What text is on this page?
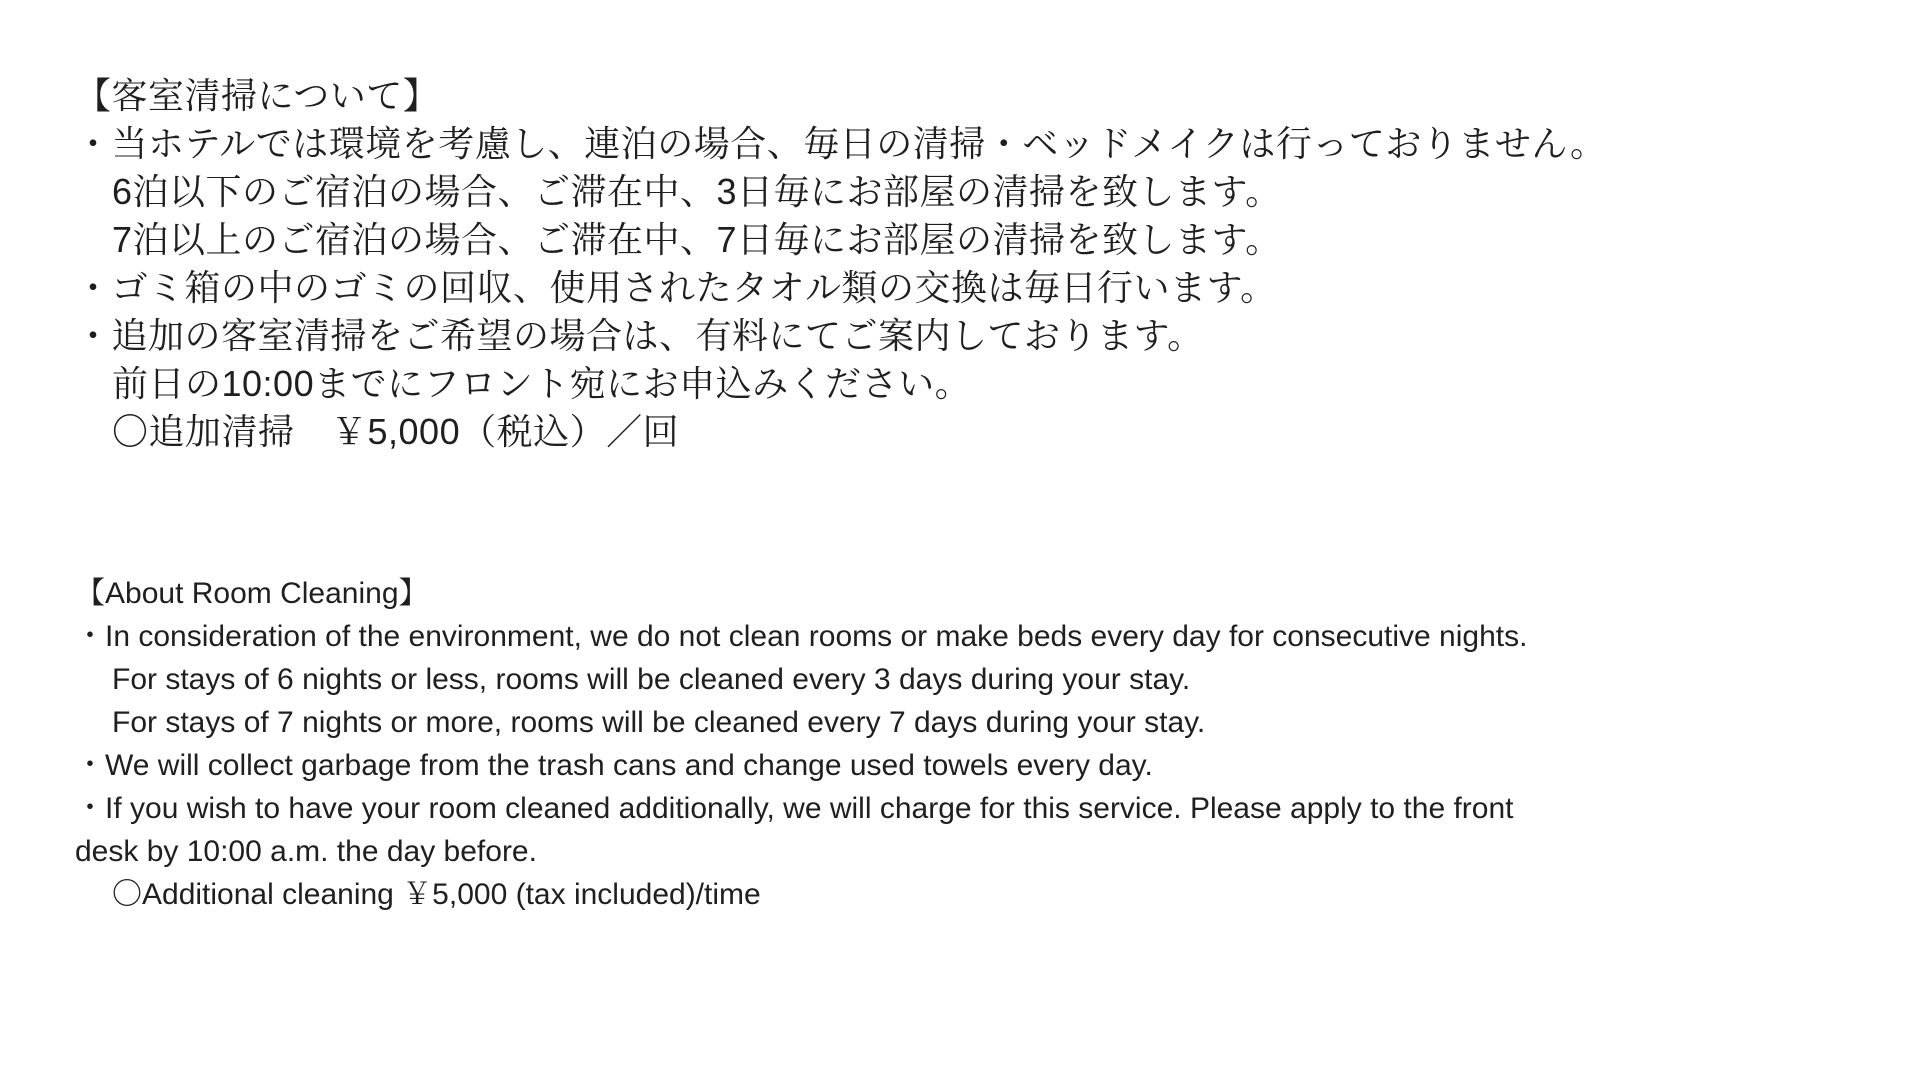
【客室清掃について】
・当ホテルでは環境を考慮し、連泊の場合、毎日の清掃・ベッドメイクは行っておりません。
6泊以下のご宿泊の場合、ご滞在中、3日毎にお部屋の清掃を致します。
7泊以上のご宿泊の場合、ご滞在中、7日毎にお部屋の清掃を致します。
・ゴミ箱の中のゴミの回収、使用されたタオル類の交換は毎日行います。
・追加の客室清掃をご希望の場合は、有料にてご案内しております。
前日の10:00までにフロント宛にお申込みください。
〇追加清掃　￥5,000（税込）／回
【About Room Cleaning】
・In consideration of the environment, we do not clean rooms or make beds every day for consecutive nights.
For stays of 6 nights or less, rooms will be cleaned every 3 days during your stay.
For stays of 7 nights or more, rooms will be cleaned every 7 days during your stay.
・We will collect garbage from the trash cans and change used towels every day.
・If you wish to have your room cleaned additionally, we will charge for this service. Please apply to the front
desk by 10:00 a.m. the day before.
〇Additional cleaning ￥5,000 (tax included)/time
